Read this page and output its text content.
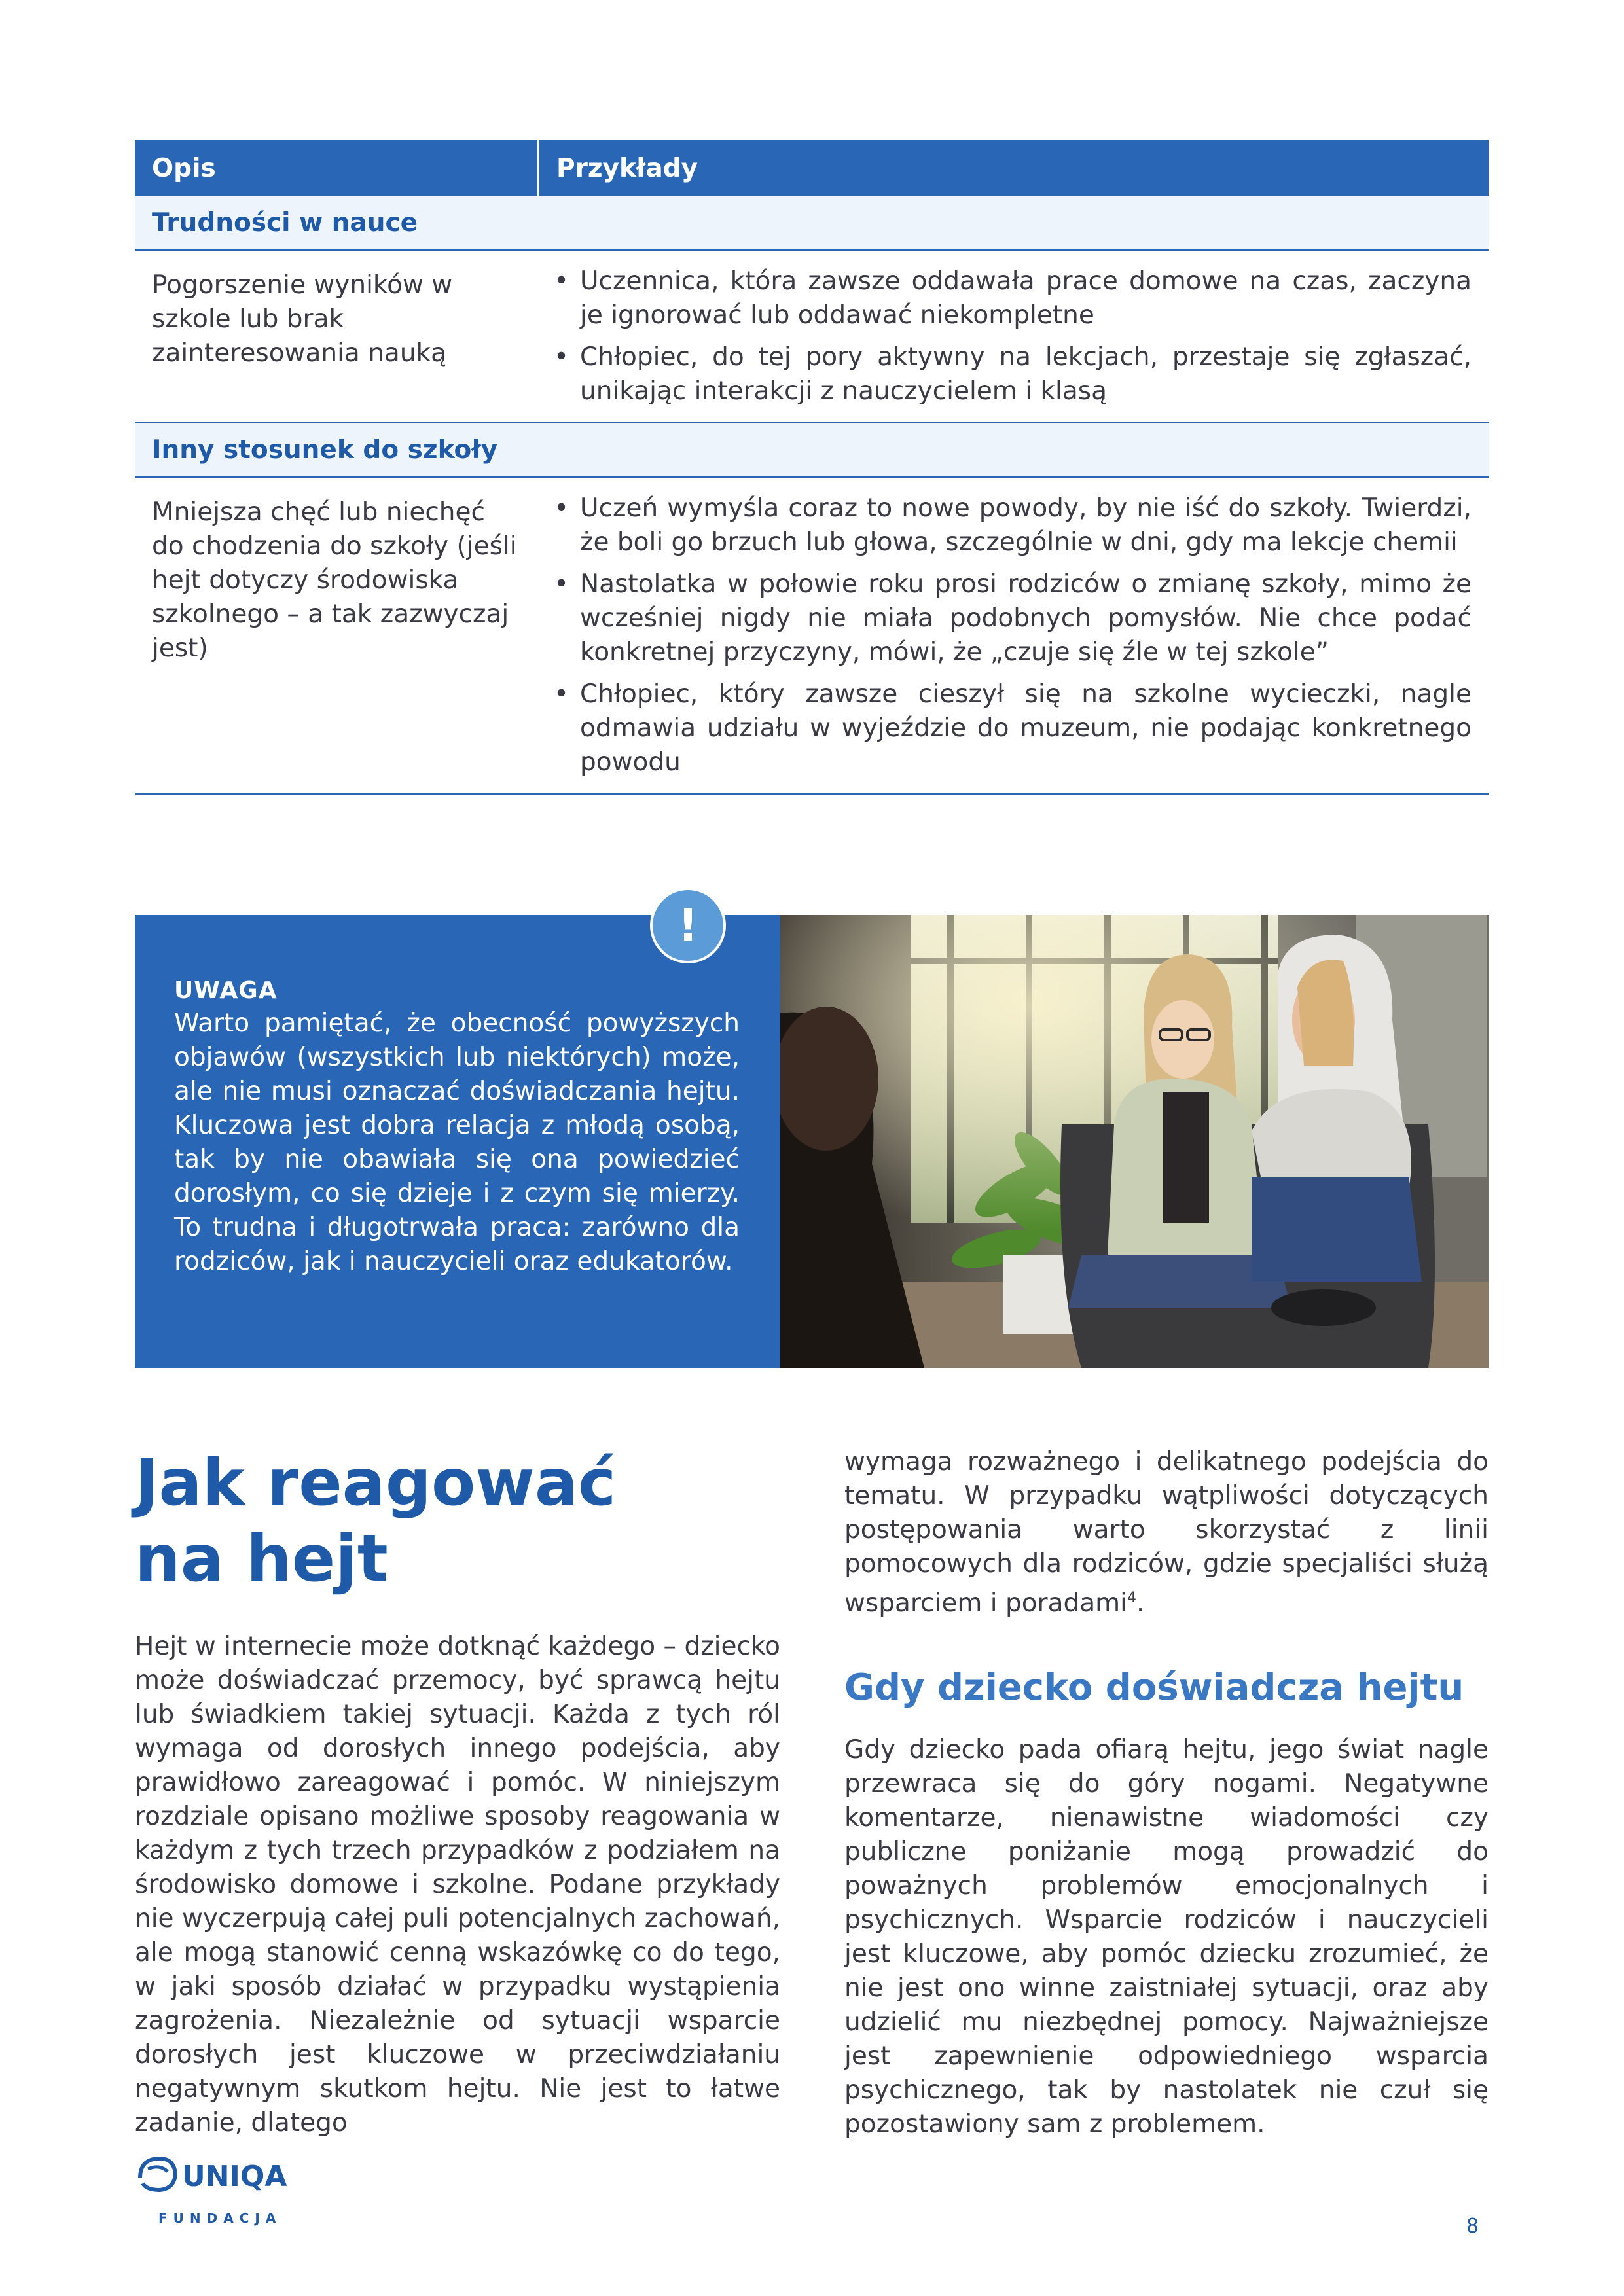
Opis	Przykłady
Trudności w nauce
Pogorszenie wyników w szkole lub brak zainteresowania nauką
• Uczennica, która zawsze oddawała prace domowe na czas, zaczyna je ignorować lub oddawać niekompletne
• Chłopiec, do tej pory aktywny na lekcjach, przestaje się zgłaszać, unikając interakcji z nauczycielem i klasą
Inny stosunek do szkoły
Mniejsza chęć lub niechęć do chodzenia do szkoły (jeśli hejt dotyczy środowiska szkolnego – a tak zazwyczaj jest)
• Uczeń wymyśla coraz to nowe powody, by nie iść do szkoły. Twierdzi, że boli go brzuch lub głowa, szczególnie w dni, gdy ma lekcje chemii
• Nastolatka w połowie roku prosi rodziców o zmianę szkoły, mimo że wcześniej nigdy nie miała podobnych pomysłów. Nie chce podać konkretnej przyczyny, mówi, że „czuje się źle w tej szkole”
• Chłopiec, który zawsze cieszył się na szkolne wycieczki, nagle odmawia udziału w wyjeździe do muzeum, nie podając konkretnego powodu
UWAGA
Warto pamiętać, że obecność powyższych objawów (wszystkich lub niektórych) może, ale nie musi oznaczać doświadczania hejtu. Kluczowa jest dobra relacja z młodą osobą, tak by nie obawiała się ona powiedzieć dorosłym, co się dzieje i z czym się mierzy. To trudna i długotrwała praca: zarówno dla rodziców, jak i nauczycieli oraz edukatorów.
!
Jak reagować
na hejt

Hejt w internecie może dotknąć każdego – dziecko może doświadczać przemocy, być sprawcą hejtu lub świadkiem takiej sytuacji. Każda z tych ról wymaga od dorosłych innego podejścia, aby prawidłowo zareagować i pomóc. W niniejszym rozdziale opisano możliwe sposoby reagowania w każdym z tych trzech przypadków z podziałem na środowisko domowe i szkolne. Podane przykłady nie wyczerpują całej puli potencjalnych zachowań, ale mogą stanowić cenną wskazówkę co do tego, w jaki sposób działać w przypadku wystąpienia zagrożenia. Niezależnie od sytuacji wsparcie dorosłych jest kluczowe w przeciwdziałaniu negatywnym skutkom hejtu. Nie jest to łatwe zadanie, dlatego

wymaga rozważnego i delikatnego podejścia do tematu. W przypadku wątpliwości dotyczących postępowania warto skorzystać z linii pomocowych dla rodziców, gdzie specjaliści służą wsparciem i poradami$^4$.

Gdy dziecko doświadcza hejtu

Gdy dziecko pada ofiarą hejtu, jego świat nagle przewraca się do góry nogami. Negatywne komentarze, nienawistne wiadomości czy publiczne poniżanie mogą prowadzić do poważnych problemów emocjonalnych i psychicznych. Wsparcie rodziców i nauczycieli jest kluczowe, aby pomóc dziecku zrozumieć, że nie jest ono winne zaistniałej sytuacji, oraz aby udzielić mu niezbędnej pomocy. Najważniejsze jest zapewnienie odpowiedniego wsparcia psychicznego, tak by nastolatek nie czuł się pozostawiony sam z problemem.

UNIQA
FUNDACJA	8
